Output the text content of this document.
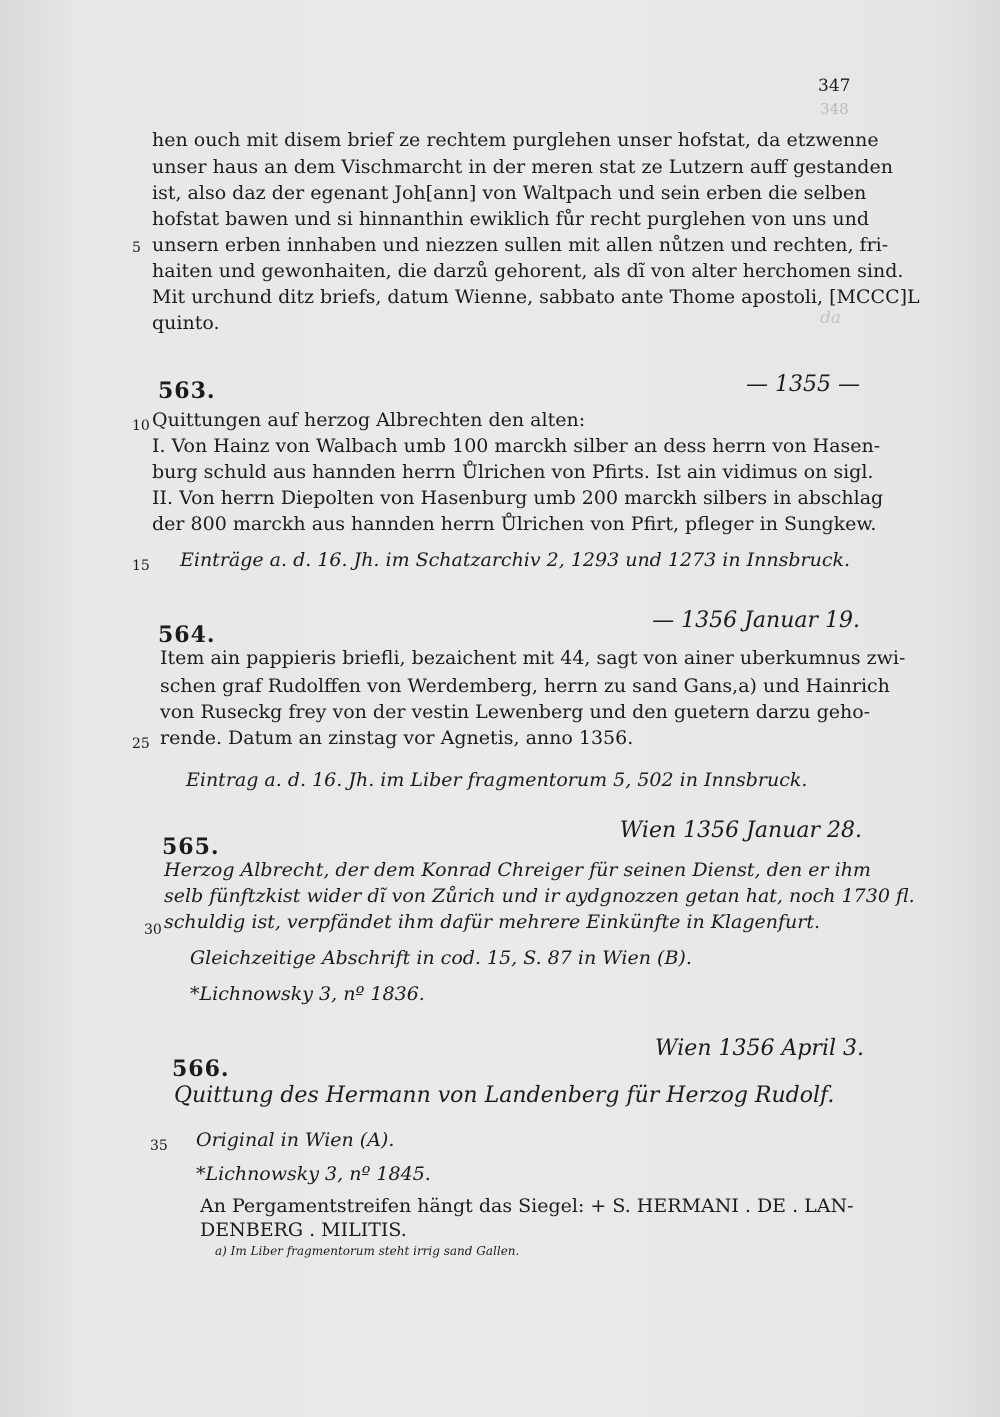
347
348
da
hen ouch mit disem brief ze rechtem purglehen unser hofstat, da etzwenne
unser haus an dem Vischmarcht in der meren stat ze Lutzern auff gestanden
ist, also daz der egenant Joh[ann] von Waltpach und sein erben die selben
hofstat bawen und si hinnanthin ewiklich fůr recht purglehen von uns und
5 unsern erben innhaben und niezzen sullen mit allen nůtzen und rechten, fri-
haiten und gewonhaiten, die darzů gehorent, als dĩ von alter herchomen sind.
Mit urchund ditz briefs, datum Wienne, sabbato ante Thome apostoli, [MCCC]L
quinto.
563.	— 1355 —
10 Quittungen auf herzog Albrechten den alten:
I. Von Hainz von Walbach umb 100 marckh silber an dess herrn von Hasen-
burg schuld aus hannden herrn Ůlrichen von Pfirts. Ist ain vidimus on sigl.
II. Von herrn Diepolten von Hasenburg umb 200 marckh silbers in abschlag
der 800 marckh aus hannden herrn Ůlrichen von Pfirt, pfleger in Sungkew.
15 Einträge a. d. 16. Jh. im Schatzarchiv 2, 1293 und 1273 in Innsbruck.
564.
— 1356 Januar 19.
Item ain pappieris briefli, bezaichent mit 44, sagt von ainer uberkumnus zwi-
schen graf Rudolffen von Werdemberg, herrn zu sand Gans,a) und Hainrich
von Ruseckg frey von der vestin Lewenberg und den guetern darzu geho-
25 rende. Datum an zinstag vor Agnetis, anno 1356.
Eintrag a. d. 16. Jh. im Liber fragmentorum 5, 502 in Innsbruck.
565.
Wien 1356 Januar 28.
Herzog Albrecht, der dem Konrad Chreiger für seinen Dienst, den er ihm
selb fünftzkist wider dĩ von Zůrich und ir aydgnozzen getan hat, noch 1730 fl.
30 schuldig ist, verpfändet ihm dafür mehrere Einkünfte in Klagenfurt.
Gleichzeitige Abschrift in cod. 15, S. 87 in Wien (B).
*Lichnowsky 3, nº 1836.
566.
Wien 1356 April 3.
Quittung des Hermann von Landenberg für Herzog Rudolf.
35 Original in Wien (A).
*Lichnowsky 3, nº 1845.
An Pergamentstreifen hängt das Siegel: + S. HERMANI . DE . LAN-
DENBERG . MILITIS.
a) Im Liber fragmentorum steht irrig sand Gallen.
